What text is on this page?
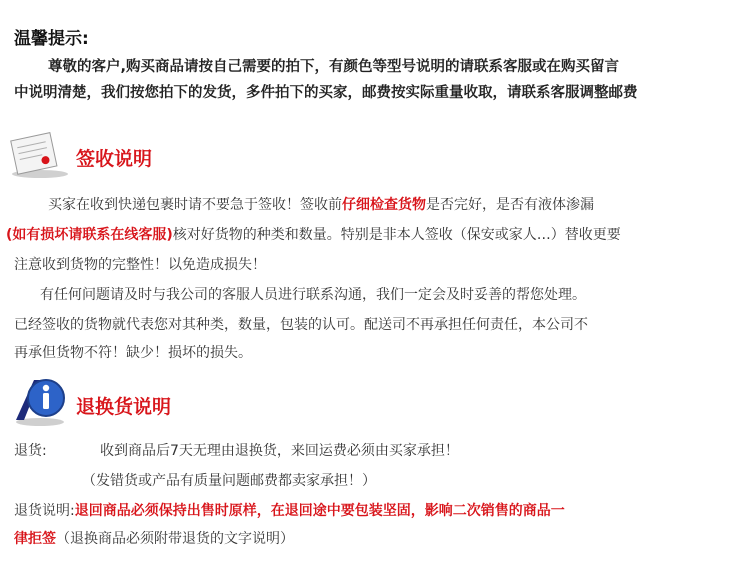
温馨提示:
尊敬的客户,购买商品请按自己需要的拍下，有颜色等型号说明的请联系客服或在购买留言
中说明清楚，我们按您拍下的发货，多件拍下的买家，邮费按实际重量收取，请联系客服调整邮费
签收说明
买家在收到快递包裹时请不要急于签收！签收前仔细检查货物是否完好，是否有液体渗漏
(如有损坏请联系在线客服)核对好货物的种类和数量。特别是非本人签收（保安或家人…）替收更要
注意收到货物的完整性！以免造成损失！
有任何问题请及时与我公司的客服人员进行联系沟通，我们一定会及时妥善的帮您处理。
已经签收的货物就代表您对其种类，数量，包装的认可。配送司不再承担任何责任，本公司不
再承但货物不符！缺少！损坏的损失。
退换货说明
退货:	收到商品后7天无理由退换货，来回运费必须由买家承担！
（发错货或产品有质量问题邮费都卖家承担！）
退货说明:退回商品必须保持出售时原样，在退回途中要包装坚固，影响二次销售的商品一
律拒签（退换商品必须附带退货的文字说明）
